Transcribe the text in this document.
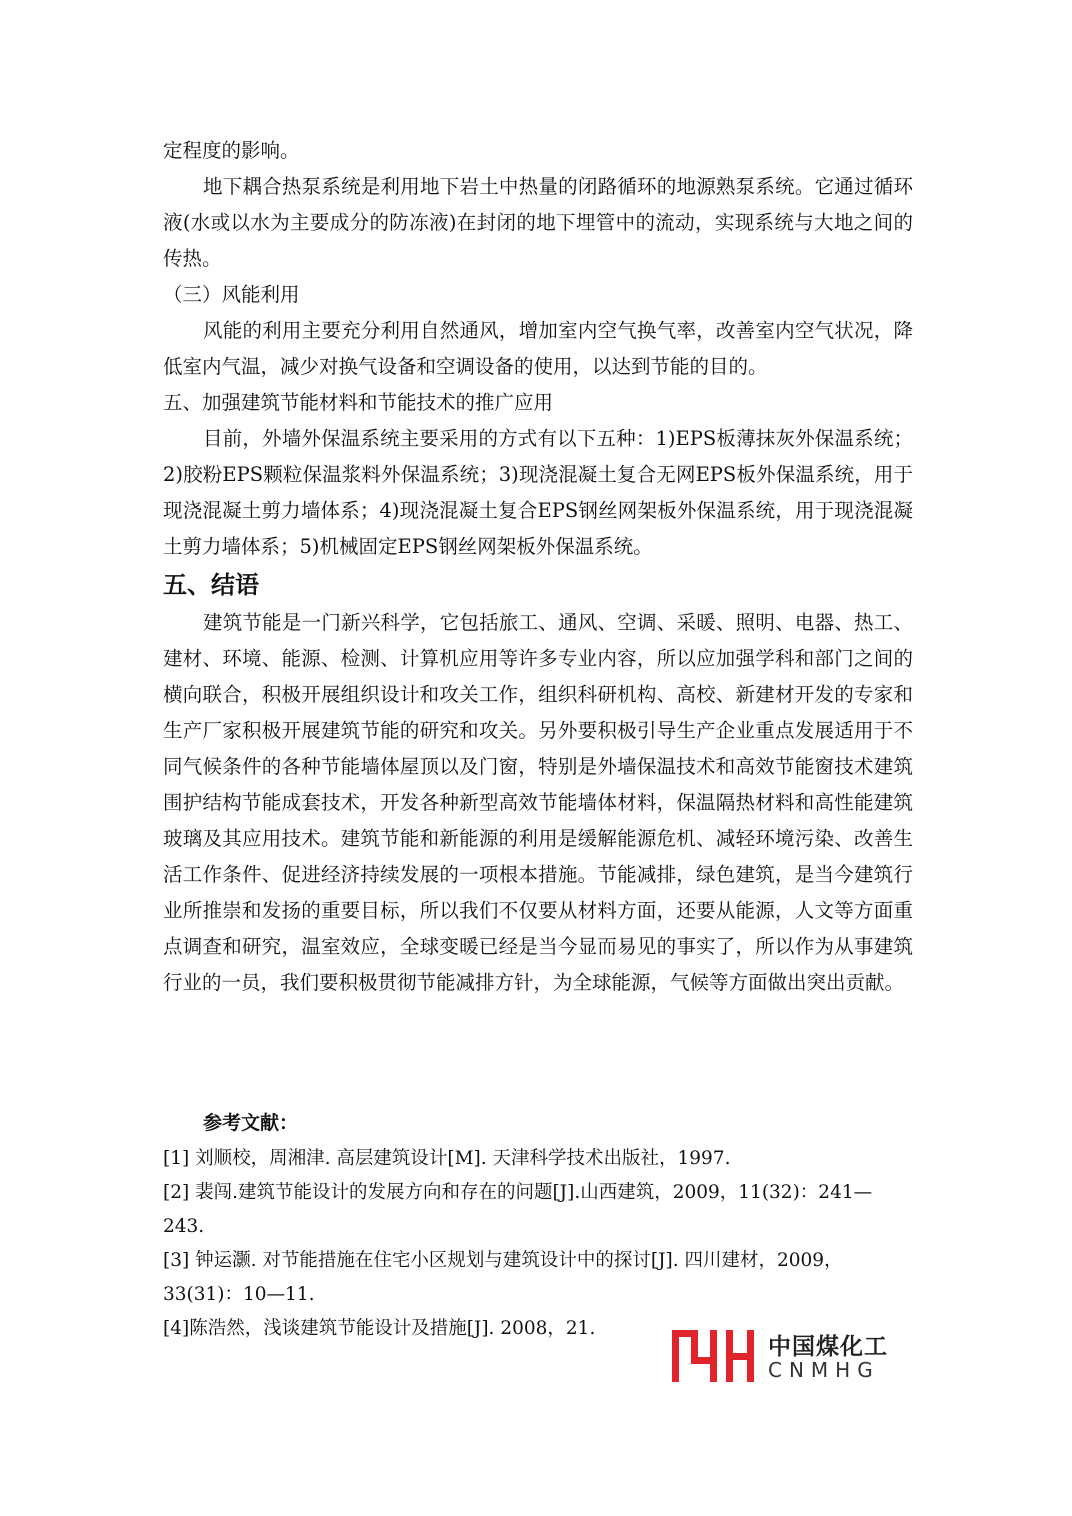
定程度的影响。

地下耦合热泵系统是利用地下岩土中热量的闭路循环的地源熟泵系统。它通过循环液(水或以水为主要成分的防冻液)在封闭的地下埋管中的流动，实现系统与大地之间的传热。

（三）风能利用

风能的利用主要充分利用自然通风，增加室内空气换气率，改善室内空气状况，降低室内气温，减少对换气设备和空调设备的使用，以达到节能的目的。

五、加强建筑节能材料和节能技术的推广应用

目前，外墙外保温系统主要采用的方式有以下五种：1)EPS板薄抹灰外保温系统；2)胶粉EPS颗粒保温浆料外保温系统；3)现浇混凝土复合无网EPS板外保温系统，用于现浇混凝土剪力墙体系；4)现浇混凝土复合EPS钢丝网架板外保温系统，用于现浇混凝土剪力墙体系；5)机械固定EPS钢丝网架板外保温系统。

五、结语

建筑节能是一门新兴科学，它包括旅工、通风、空调、采暖、照明、电器、热工、建材、环境、能源、检测、计算机应用等许多专业内容，所以应加强学科和部门之间的横向联合，积极开展组织设计和攻关工作，组织科研机构、高校、新建材开发的专家和生产厂家积极开展建筑节能的研究和攻关。另外要积极引导生产企业重点发展适用于不同气候条件的各种节能墙体屋顶以及门窗，特别是外墙保温技术和高效节能窗技术建筑围护结构节能成套技术，开发各种新型高效节能墙体材料，保温隔热材料和高性能建筑玻璃及其应用技术。建筑节能和新能源的利用是缓解能源危机、减轻环境污染、改善生活工作条件、促进经济持续发展的一项根本措施。节能减排，绿色建筑，是当今建筑行业所推崇和发扬的重要目标，所以我们不仅要从材料方面，还要从能源，人文等方面重点调查和研究，温室效应，全球变暖已经是当今显而易见的事实了，所以作为从事建筑行业的一员，我们要积极贯彻节能减排方针，为全球能源，气候等方面做出突出贡献。

参考文献：

[1] 刘顺校，周湘津. 高层建筑设计[M]. 天津科学技术出版社，1997.

[2] 裴闯.建筑节能设计的发展方向和存在的问题[J].山西建筑，2009，11(32)：241—243.

[3] 钟运灏. 对节能措施在住宅小区规划与建筑设计中的探讨[J]. 四川建材，2009，33(31)：10—11.

[4]陈浩然，浅谈建筑节能设计及措施[J]. 2008，21.

中国煤化工
CNMHG
